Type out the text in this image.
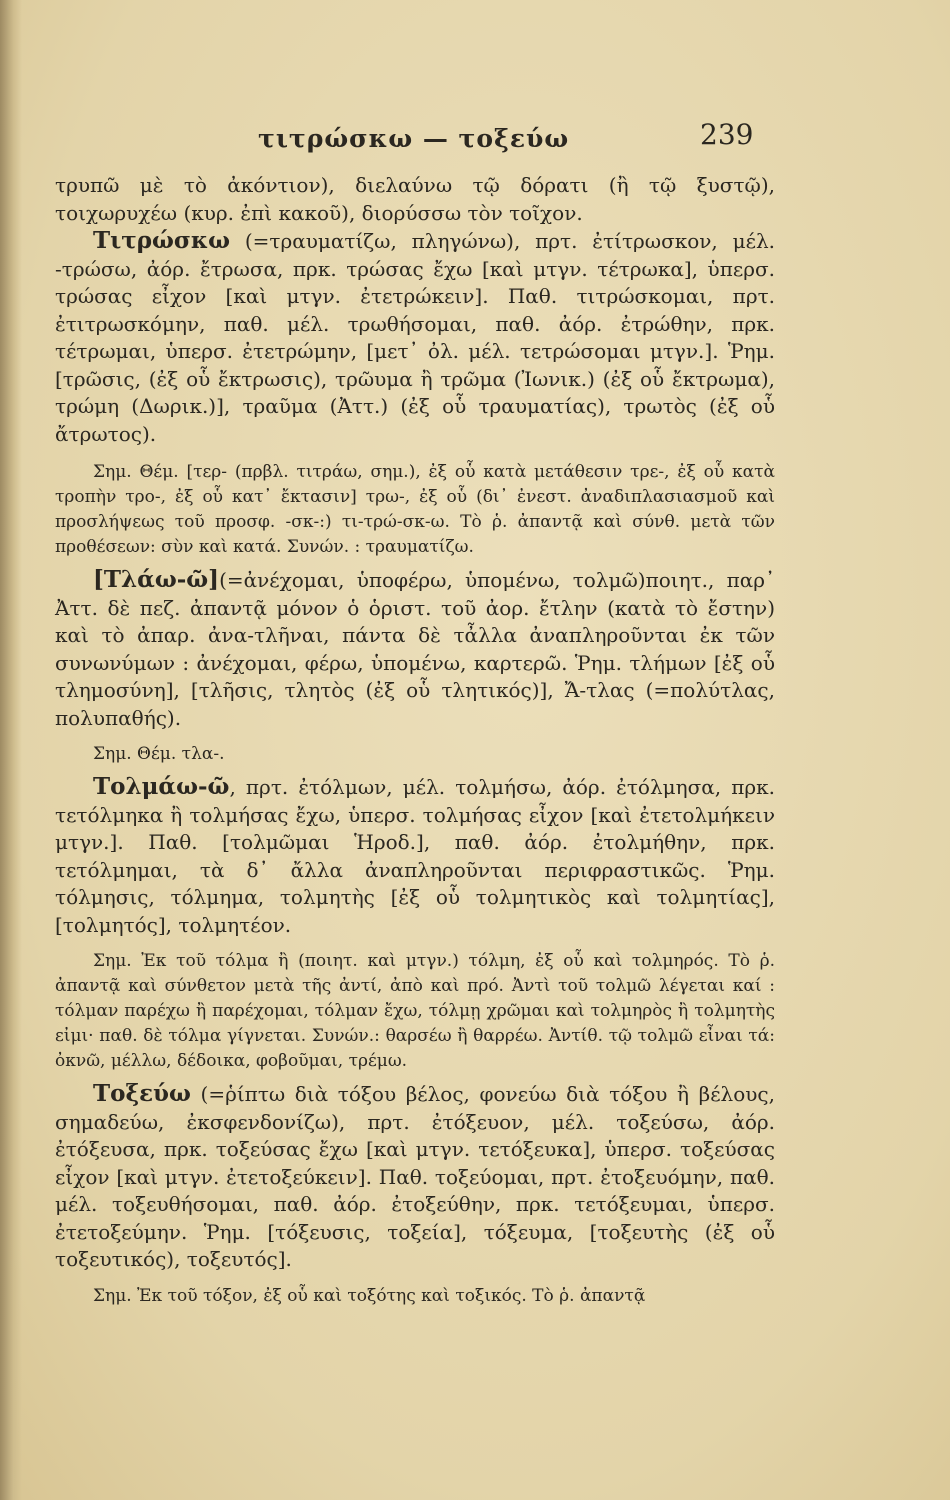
τιτρώσκω — τοξεύω	239

τρυπῶ μὲ τὸ ἀκόντιον), διελαύνω τῷ δόρατι (ἢ τῷ ξυστῷ), τοιχωρυχέω (κυρ. ἐπὶ κακοῦ), διορύσσω τὸν τοῖχον.

Τιτρώσκω (=τραυματίζω, πληγώνω), πρτ. ἐτίτρωσκον, μέλ. -τρώσω, ἀόρ. ἔτρωσα, πρκ. τρώσας ἔχω [καὶ μτγν. τέτρωκα], ὑπερσ. τρώσας εἶχον [καὶ μτγν. ἐτετρώκειν]. Παθ. τιτρώσκομαι, πρτ. ἐτιτρωσκόμην, παθ. μέλ. τρωθήσομαι, παθ. ἀόρ. ἐτρώθην, πρκ. τέτρωμαι, ὑπερσ. ἐτετρώμην, [μετ᾽ ὀλ. μέλ. τετρώσομαι μτγν.]. Ῥημ. [τρῶσις, (ἐξ οὗ ἔκτρωσις), τρῶυμα ἢ τρῶμα (Ἰωνικ.) (ἐξ οὗ ἔκτρωμα), τρώμη (Δωρικ.)], τραῦμα (Ἀττ.) (ἐξ οὗ τραυματίας), τρωτὸς (ἐξ οὗ ἄτρωτος).

Σημ. Θέμ. [τερ- (πρβλ. τιτράω, σημ.), ἐξ οὗ κατὰ μετάθεσιν τρε-, ἐξ οὗ κατὰ τροπὴν τρο-, ἐξ οὗ κατ᾽ ἔκτασιν] τρω-, ἐξ οὗ (δι᾽ ἐνεστ. ἀναδιπλασιασμοῦ καὶ προσλήψεως τοῦ προσφ. -σκ-:) τι-τρώ-σκ-ω. Τὸ ῥ. ἀπαντᾷ καὶ σύνθ. μετὰ τῶν προθέσεων: σὺν καὶ κατά. Συνών. : τραυματίζω.

[Τλάω-ῶ](=ἀνέχομαι, ὑποφέρω, ὑπομένω, τολμῶ)ποιητ., παρ᾽ Ἀττ. δὲ πεζ. ἀπαντᾷ μόνον ὁ ὁριστ. τοῦ ἀορ. ἔτλην (κατὰ τὸ ἔστην) καὶ τὸ ἀπαρ. ἀνα-τλῆναι, πάντα δὲ τἆλλα ἀναπληροῦνται ἐκ τῶν συνωνύμων : ἀνέχομαι, φέρω, ὑπομένω, καρτερῶ. Ῥημ. τλήμων [ἐξ οὗ τλημοσύνη], [τλῆσις, τλητὸς (ἐξ οὗ τλητικός)], Ἄ-τλας (=πολύτλας, πολυπαθής).

Σημ. Θέμ. τλα-.

Τολμάω-ῶ, πρτ. ἐτόλμων, μέλ. τολμήσω, ἀόρ. ἐτόλμησα, πρκ. τετόλμηκα ἢ τολμήσας ἔχω, ὑπερσ. τολμήσας εἶχον [καὶ ἐτετολμήκειν μτγν.]. Παθ. [τολμῶμαι Ἡροδ.], παθ. ἀόρ. ἐτολμήθην, πρκ. τετόλμημαι, τὰ δ᾽ ἄλλα ἀναπληροῦνται περιφραστικῶς. Ῥημ. τόλμησις, τόλμημα, τολμητὴς [ἐξ οὗ τολμητικὸς καὶ τολμητίας], [τολμητός], τολμητέον.

Σημ. Ἐκ τοῦ τόλμα ἢ (ποιητ. καὶ μτγν.) τόλμη, ἐξ οὗ καὶ τολμηρός. Τὸ ῥ. ἀπαντᾷ καὶ σύνθετον μετὰ τῆς ἀντί, ἀπὸ καὶ πρό. Ἀντὶ τοῦ τολμῶ λέγεται καί : τόλμαν παρέχω ἢ παρέχομαι, τόλμαν ἔχω, τόλμῃ χρῶμαι καὶ τολμηρὸς ἢ τολμητὴς εἰμι· παθ. δὲ τόλμα γίγνεται. Συνών.: θαρσέω ἢ θαρρέω. Ἀντίθ. τῷ τολμῶ εἶναι τά: ὀκνῶ, μέλλω, δέδοικα, φοβοῦμαι, τρέμω.

Τοξεύω (=ῥίπτω διὰ τόξου βέλος, φονεύω διὰ τόξου ἢ βέλους, σημαδεύω, ἐκσφενδονίζω), πρτ. ἐτόξευον, μέλ. τοξεύσω, ἀόρ. ἐτόξευσα, πρκ. τοξεύσας ἔχω [καὶ μτγν. τετόξευκα], ὑπερσ. τοξεύσας εἶχον [καὶ μτγν. ἐτετοξεύκειν]. Παθ. τοξεύομαι, πρτ. ἐτοξευόμην, παθ. μέλ. τοξευθήσομαι, παθ. ἀόρ. ἐτοξεύθην, πρκ. τετόξευμαι, ὑπερσ. ἐτετοξεύμην. Ῥημ. [τόξευσις, τοξεία], τόξευμα, [τοξευτὴς (ἐξ οὗ τοξευτικός), τοξευτός].

Σημ. Ἐκ τοῦ τόξον, ἐξ οὗ καὶ τοξότης καὶ τοξικός. Τὸ ῥ. ἀπαντᾷ
